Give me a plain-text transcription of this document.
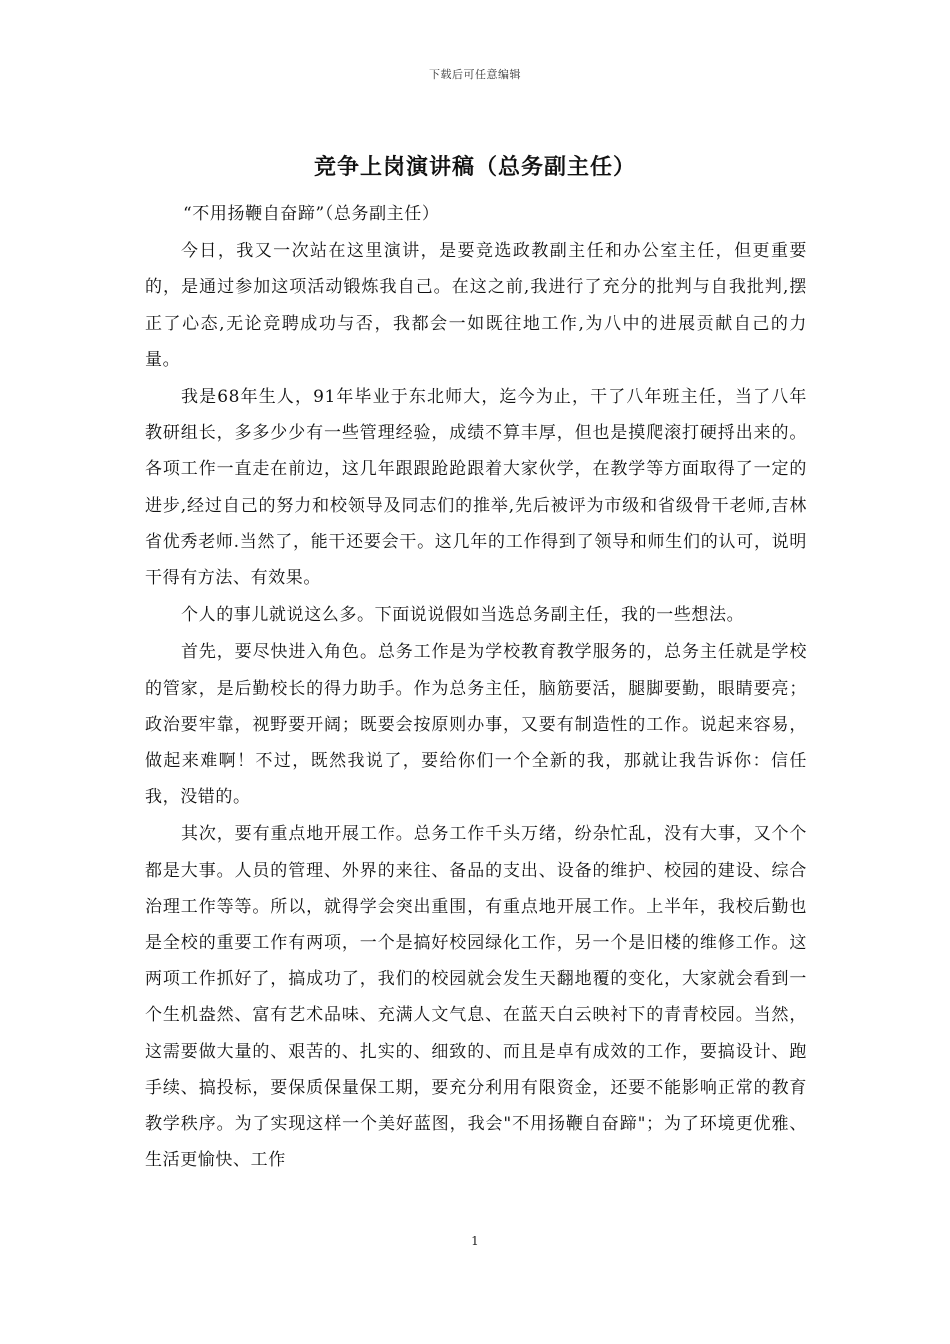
下载后可任意编辑
竞争上岗演讲稿（总务副主任）

“不用扬鞭自奋蹄”（总务副主任）

今日，我又一次站在这里演讲，是要竞选政教副主任和办公室主任，但更重要的，是通过参加这项活动锻炼我自己。在这之前,我进行了充分的批判与自我批判,摆正了心态,无论竞聘成功与否，我都会一如既往地工作,为八中的进展贡献自己的力量。

我是68年生人，91年毕业于东北师大，迄今为止，干了八年班主任，当了八年教研组长，多多少少有一些管理经验，成绩不算丰厚，但也是摸爬滚打硬捋出来的。各项工作一直走在前边，这几年跟跟跄跄跟着大家伙学，在教学等方面取得了一定的进步,经过自己的努力和校领导及同志们的推举,先后被评为市级和省级骨干老师,吉林省优秀老师.当然了，能干还要会干。这几年的工作得到了领导和师生们的认可，说明干得有方法、有效果。

个人的事儿就说这么多。下面说说假如当选总务副主任，我的一些想法。

首先，要尽快进入角色。总务工作是为学校教育教学服务的，总务主任就是学校的管家，是后勤校长的得力助手。作为总务主任，脑筋要活，腿脚要勤，眼睛要亮；政治要牢靠，视野要开阔；既要会按原则办事，又要有制造性的工作。说起来容易，做起来难啊！不过，既然我说了，要给你们一个全新的我，那就让我告诉你：信任我，没错的。

其次，要有重点地开展工作。总务工作千头万绪，纷杂忙乱，没有大事，又个个都是大事。人员的管理、外界的来往、备品的支出、设备的维护、校园的建设、综合治理工作等等。所以，就得学会突出重围，有重点地开展工作。上半年，我校后勤也是全校的重要工作有两项，一个是搞好校园绿化工作，另一个是旧楼的维修工作。这两项工作抓好了，搞成功了，我们的校园就会发生天翻地覆的变化，大家就会看到一个生机盎然、富有艺术品味、充满人文气息、在蓝天白云映衬下的青青校园。当然，这需要做大量的、艰苦的、扎实的、细致的、而且是卓有成效的工作，要搞设计、跑手续、搞投标，要保质保量保工期，要充分利用有限资金，还要不能影响正常的教育教学秩序。为了实现这样一个美好蓝图，我会"不用扬鞭自奋蹄"；为了环境更优雅、生活更愉快、工作

1
